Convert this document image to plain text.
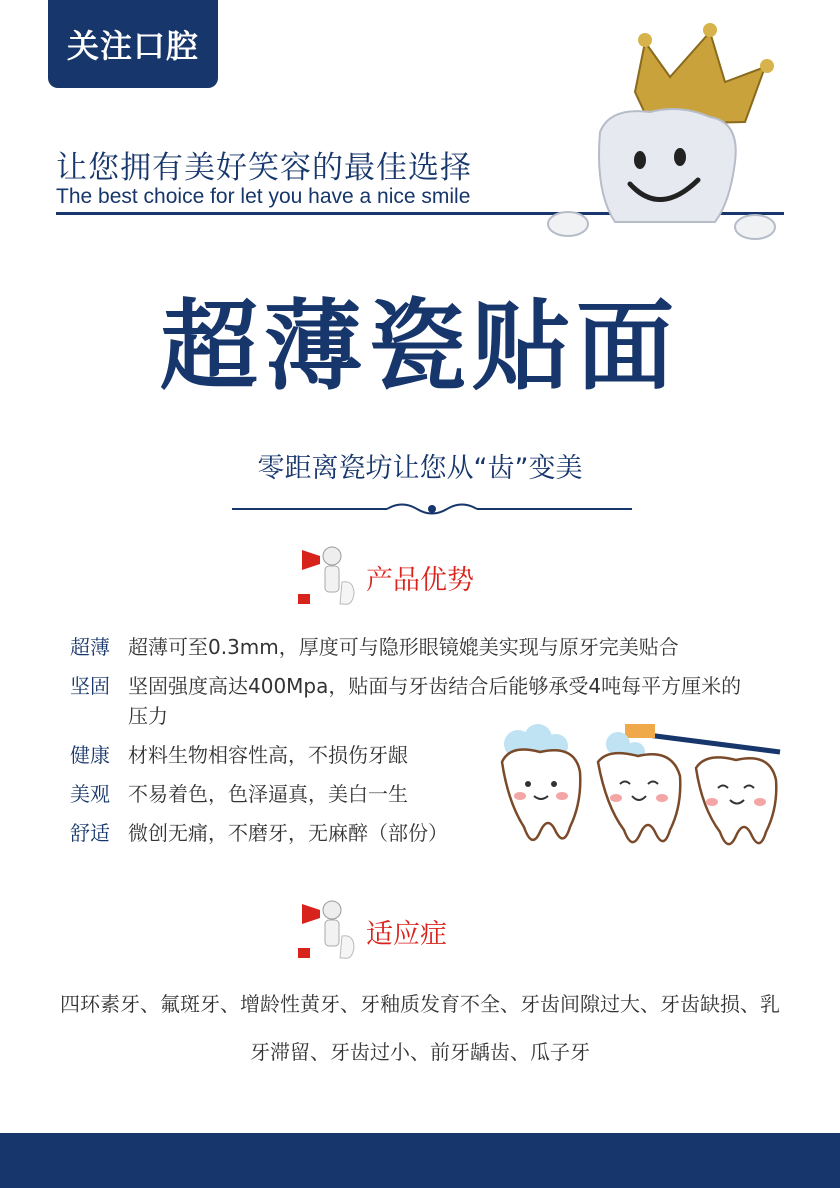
关注口腔
让您拥有美好笑容的最佳选择
The best choice for let you have a nice smile
超薄瓷贴面
零距离瓷坊让您从“齿”变美
产品优势
超薄 超薄可至0.3mm，厚度可与隐形眼镜媲美实现与原牙完美贴合
坚固 坚固强度高达400Mpa，贴面与牙齿结合后能够承受4吨每平方厘米的压力
健康 材料生物相容性高，不损伤牙龈
美观 不易着色，色泽逼真，美白一生
舒适 微创无痛，不磨牙，无麻醉（部份）
适应症
四环素牙、氟斑牙、增龄性黄牙、牙釉质发育不全、牙齿间隙过大、牙齿缺损、乳牙滞留、牙齿过小、前牙龋齿、瓜子牙
